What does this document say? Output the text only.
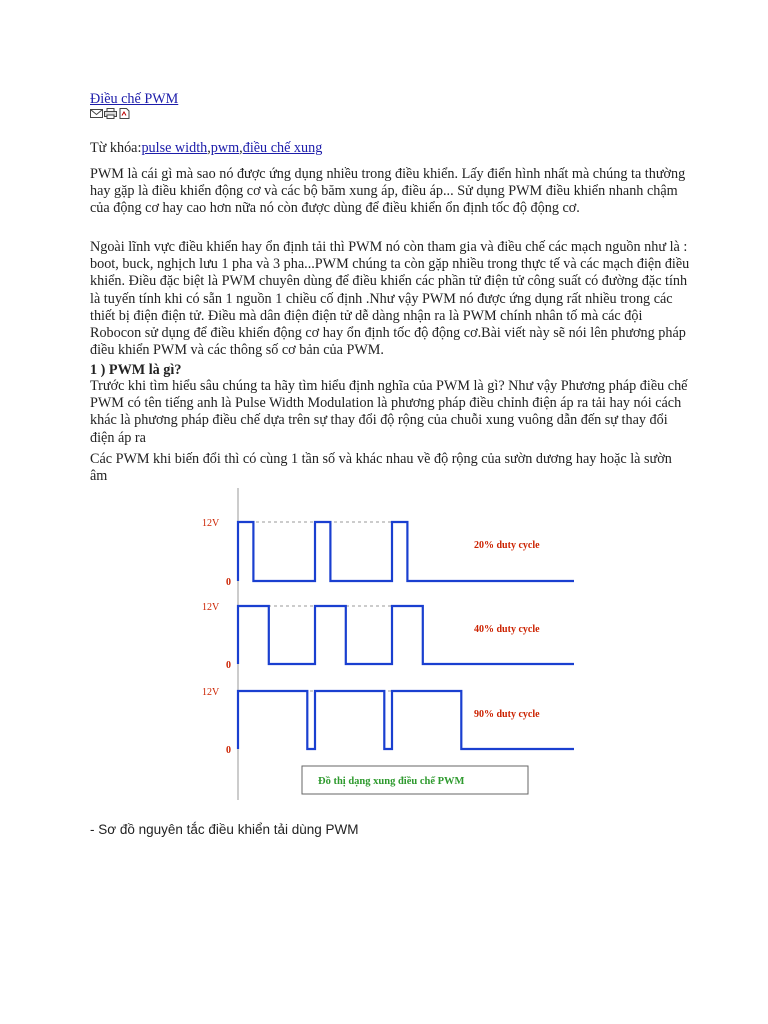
Điều chế PWM
Từ khóa:pulse width,pwm,điều chế xung

PWM là cái gì mà sao nó được ứng dụng nhiều trong điều khiển. Lấy điển hình nhất mà chúng ta thường hay gặp là điều khiển động cơ và các bộ băm xung áp, điều áp... Sử dụng PWM điều khiển nhanh chậm của động cơ hay cao hơn nữa nó còn được dùng để điều khiển ổn định tốc độ động cơ.

Ngoài lĩnh vực điều khiển hay ổn định tải thì PWM nó còn tham gia và điều chế các mạch nguồn như là : boot, buck, nghịch lưu 1 pha và 3 pha...PWM chúng ta còn gặp nhiều trong thực tế và các mạch điện điều khiển. Điều đặc biệt là PWM chuyên dùng để điều khiển các phần tử điện tử công suất có đường đặc tính là tuyến tính khi có sẵn 1 nguồn 1 chiều cố định .Như vậy PWM nó được ứng dụng rất nhiều trong các thiết bị điện điện tử. Điều mà dân điện điện tử dễ dàng nhận ra là PWM chính nhân tố mà các đội Robocon sử dụng để điều khiển động cơ hay ổn định tốc độ động cơ.Bài viết này sẽ nói lên phương pháp điều khiển PWM và các thông số cơ bản của PWM.

1 ) PWM là gì?

Trước khi tìm hiểu sâu chúng ta hãy tìm hiểu định nghĩa của PWM là gì? Như vậy Phương pháp điều chế PWM có tên tiếng anh là Pulse Width Modulation là phương pháp điều chỉnh điện áp ra tải hay nói cách khác là phương pháp điều chế dựa trên sự thay đổi độ rộng của chuỗi xung vuông dẫn đến sự thay đổi điện áp ra

Các PWM khi biến đổi thì có cùng 1 tần số và khác nhau về độ rộng của sườn dương hay hoặc là sườn âm

12V
0
20% duty cycle
12V
0
40% duty cycle
12V
0
90% duty cycle
Đồ thị dạng xung điều chế PWM
- Sơ đồ nguyên tắc điều khiển tải dùng PWM
